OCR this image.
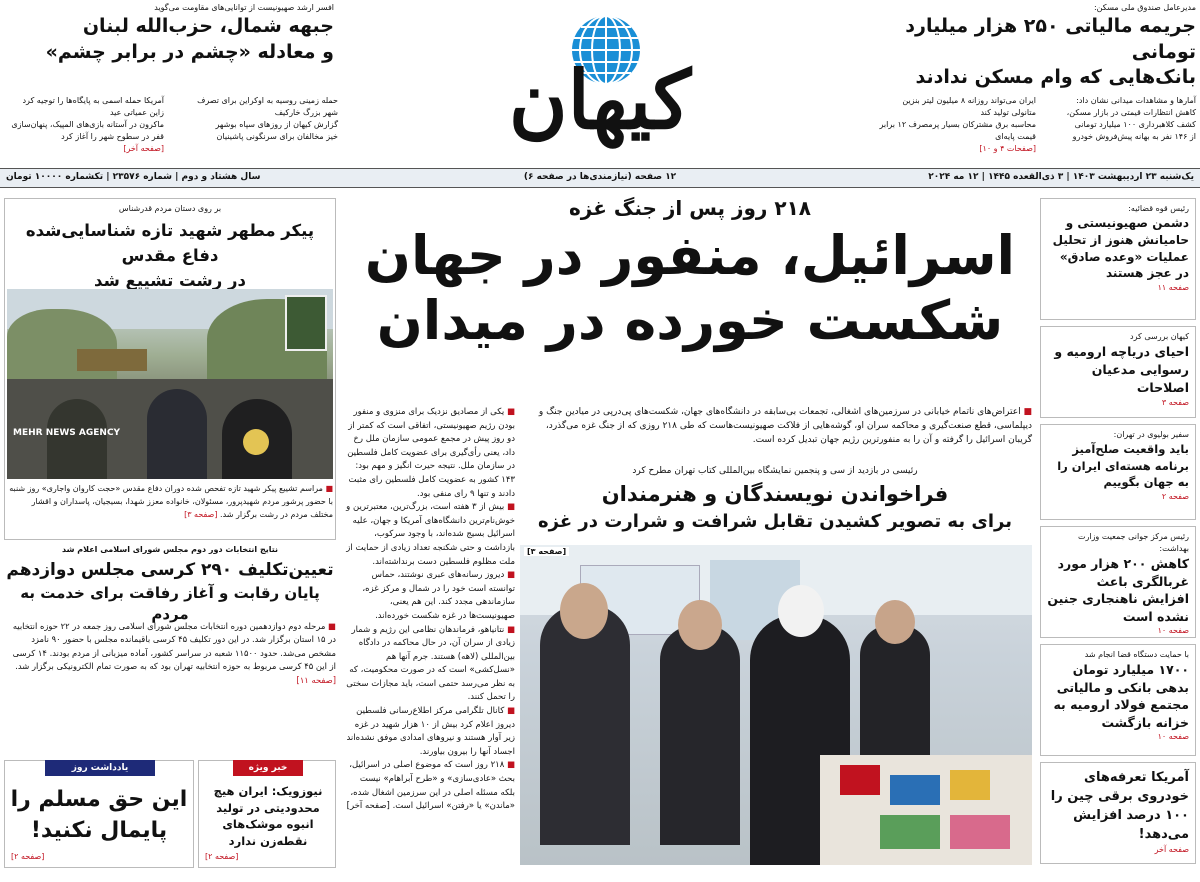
مدیرعامل صندوق ملی مسکن:
جریمه مالیاتی ۲۵۰ هزار میلیارد تومانی
بانک‌هایی که وام مسکن ندادند
آمارها و مشاهدات میدانی نشان داد:
کاهش انتظارات قیمتی در بازار مسکن،
کشف کلاهبرداری ۱۰۰ میلیارد تومانی
از ۱۴۶ نفر به بهانه پیش‌فروش خودرو
ایران می‌تواند روزانه ۸ میلیون لیتر بنزین
متانولی تولید کند
محاسبه برق مشترکان بسیار پرمصرف ۱۲ برابر
قیمت پایه‌ای
[صفحات ۴ و ۱۰]
کیهان
افسر ارشد صهیونیست از توانایی‌های مقاومت می‌گوید
جبهه شمال، حزب‌الله لبنان
و معادله «چشم در برابر چشم»
آمریکا حمله اسمی به پایگاه‌ها را توجیه کرد
زاین عمیاتی عید
ماکرون در آستانه بازی‌های المپیک، پنهان‌سازی
قفر در سطوح شهر را آغاز کرد
[صفحه آخر]
حمله زمینی روسیه به اوکراین برای تصرف
شهر بزرگ خارکیف
گزارش کیهان از روزهای سپاه بوشهر
خیز مخالفان برای سرنگونی پاشینیان
یک‌شنبه ۲۳ اردیبهشت ۱۴۰۳ | ۳ ذی‌القعده ۱۴۴۵ | ۱۲ مه ۲۰۲۴
۱۲ صفحه (نیازمندی‌ها در صفحه ۶)
سال هشتاد و دوم | شماره ۲۳۵۷۶ | تکشماره ۱۰۰۰۰ تومان
رئیس قوه قضائیه:
دشمن صهیونیستی و حامیانش هنوز از تحلیل عملیات «وعده صادق» در عجز هستند
صفحه ۱۱
کیهان بررسی کرد
احیای دریاچه ارومیه و رسوایی مدعیان اصلاحات
صفحه ۳
سفیر بولیوی در تهران:
باید واقعیت صلح‌آمیز برنامه هسته‌ای ایران را به جهان بگوییم
صفحه ۲
رئیس مرکز جوانی جمعیت وزارت بهداشت:
کاهش ۲۰۰ هزار مورد غربالگری باعث افزایش ناهنجاری جنین نشده است
صفحه ۱۰
با حمایت دستگاه قضا انجام شد
۱۷۰۰ میلیارد تومان بدهی بانکی و مالیاتی مجتمع فولاد ارومیه به خزانه بازگشت
صفحه ۱۰
آمریکا تعرفه‌های خودروی برقی چین را ۱۰۰ درصد افزایش می‌دهد!
صفحه آخر
۲۱۸ روز پس از جنگ غزه
اسرائیل، منفور در جهان
شکست خورده در میدان
■ اعتراض‌های ناتمام خیابانی در سرزمین‌های اشغالی، تجمعات بی‌سابقه در دانشگاه‌های جهان، شکست‌های پی‌درپی در میادین جنگ و دیپلماسی، قطع صنعت‌گیری و محاکمه سران او، گوشه‌هایی از فلاکت صهیونیست‌هاست که طی ۲۱۸ روزی که از جنگ غزه می‌گذرد، گریبان اسرائیل را گرفته و آن را به منفورترین رژیم جهان تبدیل کرده است.

■ یکی از مصادیق نزدیک برای منزوی و منفور بودن رژیم صهیونیستی، اتفاقی است که کمتر از دو روز پیش در مجمع عمومی سازمان ملل رخ داد، یعنی رأی‌گیری برای عضویت کامل فلسطین در سازمان ملل. نتیجه حیرت انگیز و مهم بود: ۱۴۳ کشور به عضویت کامل فلسطین رای مثبت دادند و تنها ۹ رای منفی بود.

■ بیش از ۳ هفته است، بزرگ‌ترین، معتبرترین و خوش‌نام‌ترین دانشگاه‌های آمریکا و جهان، علیه اسرائیل بسیج شده‌اند، با وجود سرکوب، بازداشت و حتی شکنجه تعداد زیادی از حمایت از ملت مظلوم فلسطین دست برنداشته‌اند.

■ دیروز رسانه‌های عبری نوشتند، حماس توانسته است خود را در شمال و مرکز غزه، سازماندهی مجدد کند. این هم یعنی، صهیونیست‌ها در غزه شکست خورده‌اند.

■ نتانیاهو، فرماندهان نظامی این رژیم و شمار زیادی از سران آن، در حال محاکمه در دادگاه بین‌المللی (لاهه) هستند. جرم آنها هم «نسل‌کشی» است که در صورت محکومیت، که به نظر می‌رسد حتمی است، باید مجازات سختی را تحمل کنند.

■ کانال تلگرامی مرکز اطلاع‌رسانی فلسطین دیروز اعلام کرد بیش از ۱۰ هزار شهید در غزه زیر آوار هستند و نیروهای امدادی موفق نشده‌اند اجساد آنها را بیرون بیاورند.

■ ۲۱۸ روز است که موضوع اصلی در اسرائیل، بحث «عادی‌سازی» و «طرح آبراهام» نیست بلکه مسئله اصلی در این سرزمین اشغال شده، «ماندن» یا «رفتن» اسرائیل است. [صفحه آخر]

رئیسی در بازدید از سی و پنجمین نمایشگاه بین‌المللی کتاب تهران مطرح کرد
فراخواندن نویسندگان و هنرمندان
برای به تصویر کشیدن تقابل شرافت و شرارت در غزه
[صفحه ۳]
بر روی دستان مردم قدرشناس
پیکر مطهر شهید تازه شناسایی‌شده دفاع مقدس
در رشت تشییع شد
MEHR NEWS AGENCY
■ مراسم تشییع پیکر شهید تازه تفحص شده دوران دفاع مقدس «حجت کاروان واجاری» روز شنبه با حضور پرشور مردم شهیدپرور، مسئولان، خانواده معزز شهدا، بسیجیان، پاسداران و اقشار مختلف مردم در رشت برگزار شد. [صفحه ۳]
نتایج انتخابات دور دوم مجلس شورای اسلامی اعلام شد
تعیین‌تکلیف ۲۹۰ کرسی مجلس دوازدهم
پایان رقابت و آغاز رفاقت برای خدمت به مردم
■ مرحله دوم دوازدهمین دوره انتخابات مجلس شورای اسلامی روز جمعه در ۲۲ حوزه انتخابیه در ۱۵ استان برگزار شد. در این دور تکلیف ۴۵ کرسی باقیمانده مجلس با حضور ۹۰ نامزد مشخص می‌شد. حدود ۱۱۵۰۰ شعبه در سراسر کشور، آماده میزبانی از مردم بودند. ۱۴ کرسی از این ۴۵ کرسی مربوط به حوزه انتخابیه تهران بود که به صورت تمام الکترونیکی برگزار شد. [صفحه ۱۱]
یادداشت روز
این حق مسلم را
پایمال نکنید!
[صفحه ۲]
خبر ویژه
نیوزویک: ایران هیچ محدودیتی در تولید انبوه موشک‌های نقطه‌زن ندارد
[صفحه ۲]
